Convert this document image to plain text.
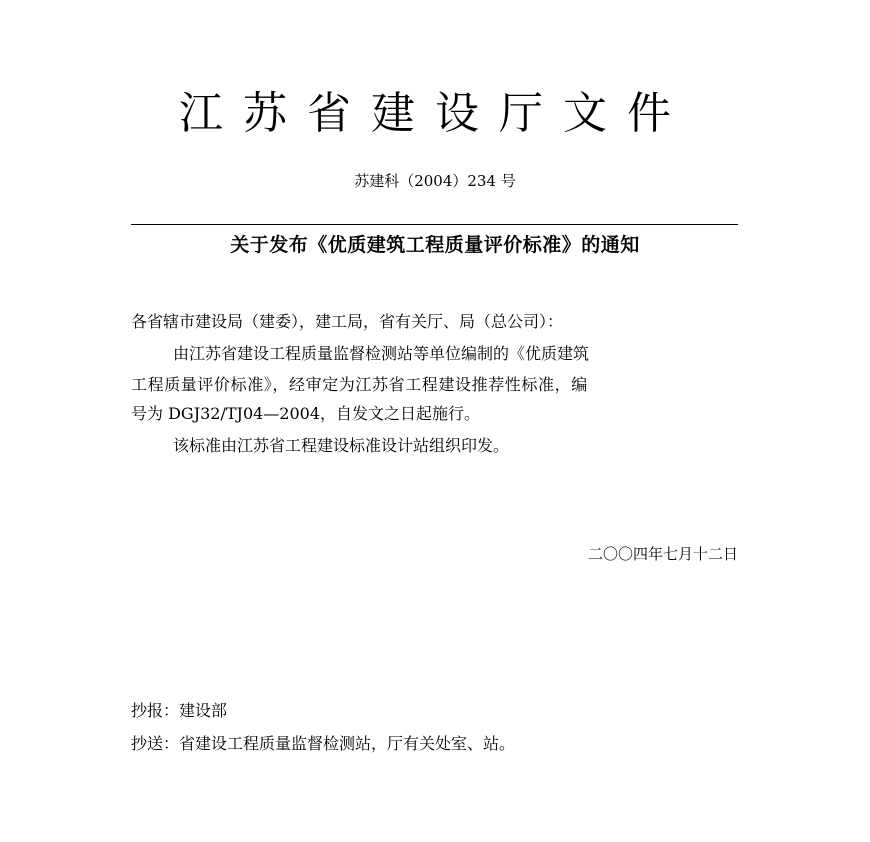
江苏省建设厅文件
苏建科（2004）234 号
关于发布《优质建筑工程质量评价标准》的通知
各省辖市建设局（建委），建工局，省有关厅、局（总公司）：
由江苏省建设工程质量监督检测站等单位编制的《优质建筑
工程质量评价标准》，经审定为江苏省工程建设推荐性标准，编
号为 DGJ32/TJ04—2004，自发文之日起施行。
该标准由江苏省工程建设标准设计站组织印发。
二〇〇四年七月十二日
抄报：建设部
抄送：省建设工程质量监督检测站，厅有关处室、站。
